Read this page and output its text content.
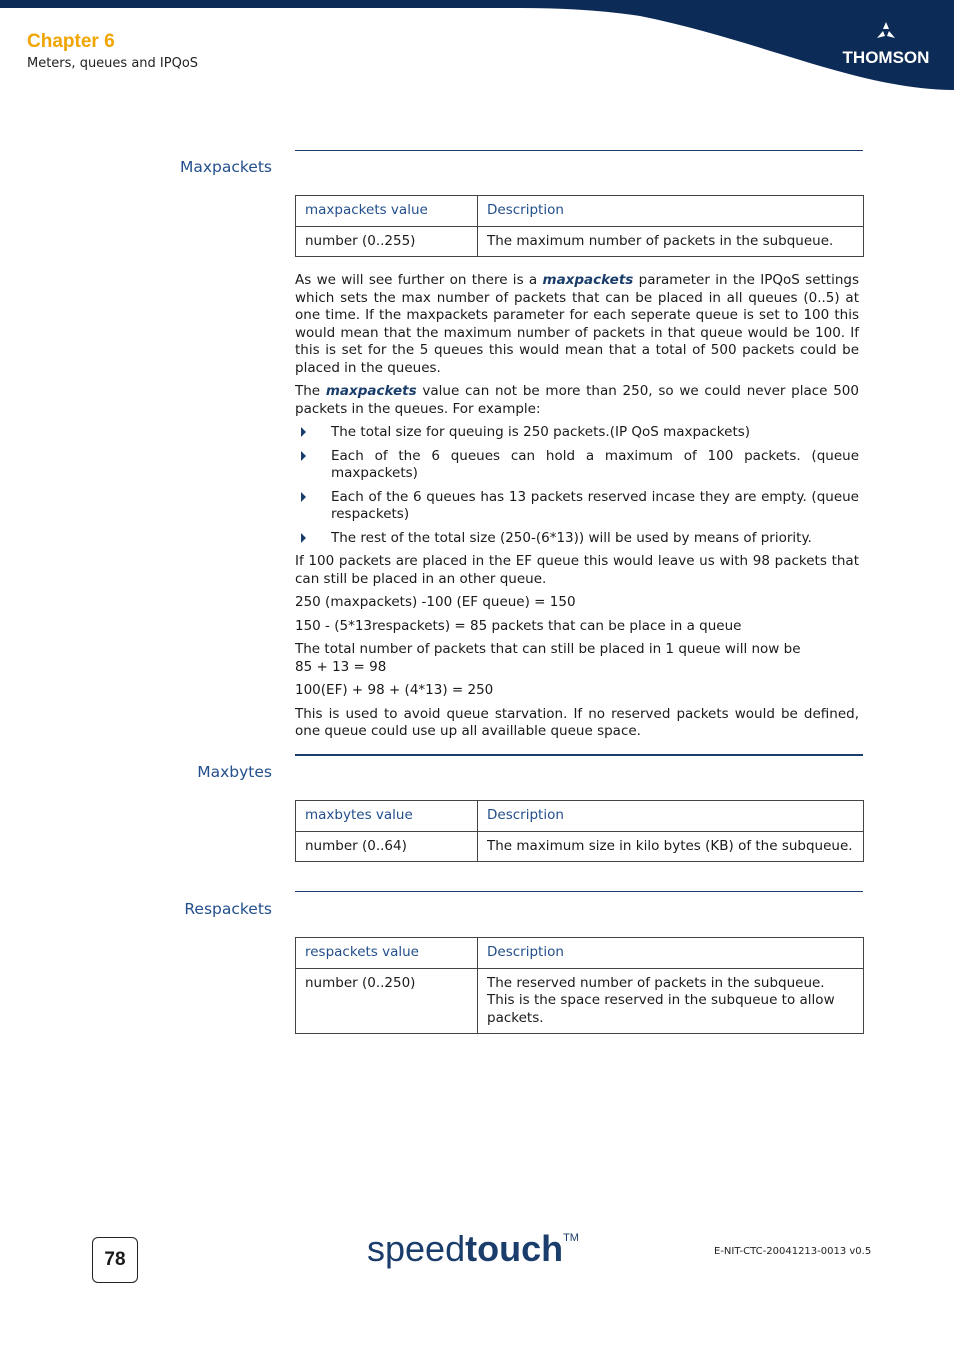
Chapter 6
Meters, queues and IPQoS	THOMSON
Maxpackets
maxpackets value	Description
number (0..255)	The maximum number of packets in the subqueue.

As we will see further on there is a maxpackets parameter in the IPQoS settings which sets the max number of packets that can be placed in all queues (0..5) at one time. If the maxpackets parameter for each seperate queue is set to 100 this would mean that the maximum number of packets in that queue would be 100. If this is set for the 5 queues this would mean that a total of 500 packets could be placed in the queues.

The maxpackets value can not be more than 250, so we could never place 500 packets in the queues. For example:

The total size for queuing is 250 packets.(IP QoS maxpackets)
Each of the 6 queues can hold a maximum of 100 packets. (queue maxpackets)
Each of the 6 queues has 13 packets reserved incase they are empty. (queue respackets)
The rest of the total size (250-(6*13)) will be used by means of priority.

If 100 packets are placed in the EF queue this would leave us with 98 packets that can still be placed in an other queue.

250 (maxpackets) -100 (EF queue) = 150

150 - (5*13respackets) = 85 packets that can be place in a queue

The total number of packets that can still be placed in 1 queue will now be
85 + 13 = 98

100(EF) + 98 + (4*13) = 250

This is used to avoid queue starvation. If no reserved packets would be defined, one queue could use up all availlable queue space.

Maxbytes
maxbytes value	Description
number (0..64)	The maximum size in kilo bytes (KB) of the subqueue.
Respackets
respackets value	Description
number (0..250)	The reserved number of packets in the subqueue. This is the space reserved in the subqueue to allow packets.
78	speedtouch™
E-NIT-CTC-20041213-0013 v0.5
